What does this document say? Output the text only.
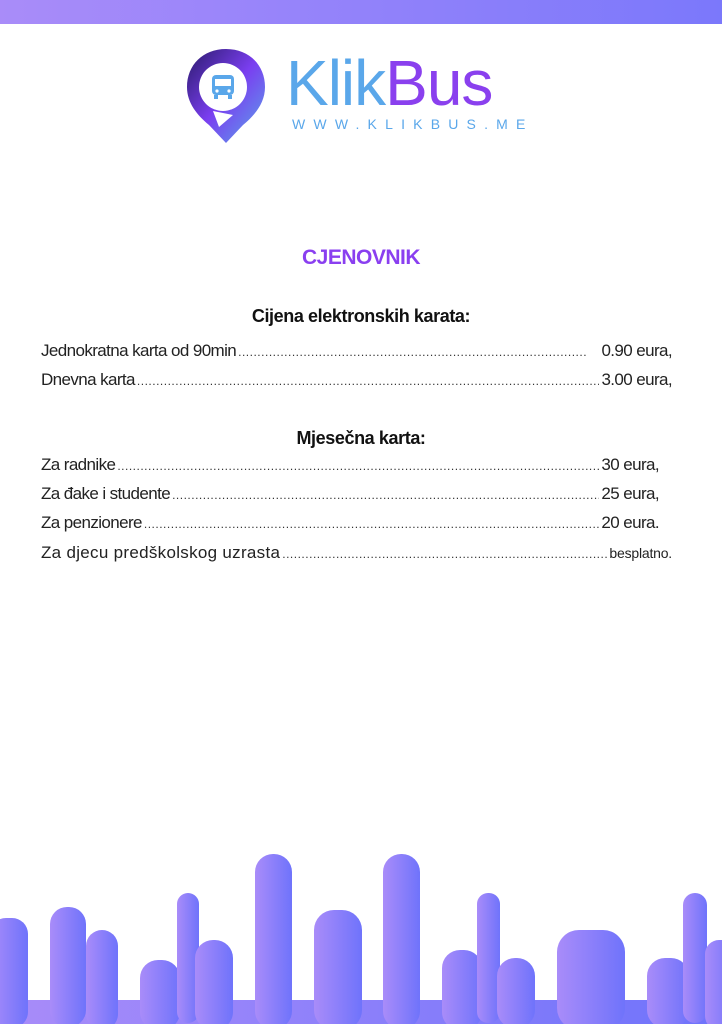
KlikBus
WWW.KLIKBUS.ME
CJENOVNIK
Cijena elektronskih karata:
Jednokratna karta od 90min .....	0.90 eura,
Dnevna karta .....	3.00 eura,
Mjesečna karta:
Za radnike .....	30 eura,
Za đake i studente .....	25 eura,
Za penzionere .....	20 eura.
Za djecu predškolskog uzrasta .....	besplatno.
